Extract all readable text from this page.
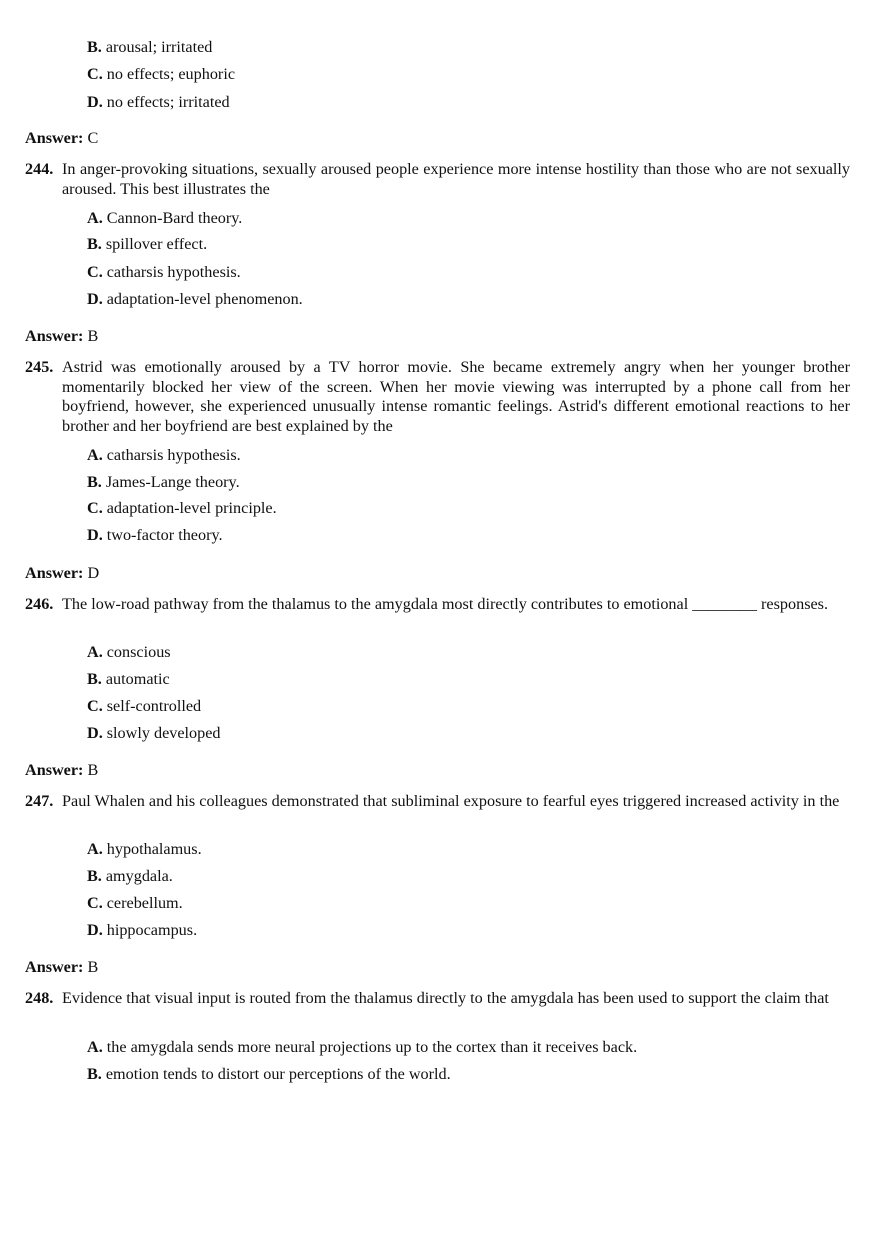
B. arousal; irritated
C. no effects; euphoric
D. no effects; irritated
Answer: C
244. In anger-provoking situations, sexually aroused people experience more intense hostility than those who are not sexually aroused. This best illustrates the
A. Cannon-Bard theory.
B. spillover effect.
C. catharsis hypothesis.
D. adaptation-level phenomenon.
Answer: B
245. Astrid was emotionally aroused by a TV horror movie. She became extremely angry when her younger brother momentarily blocked her view of the screen. When her movie viewing was interrupted by a phone call from her boyfriend, however, she experienced unusually intense romantic feelings. Astrid's different emotional reactions to her brother and her boyfriend are best explained by the
A. catharsis hypothesis.
B. James-Lange theory.
C. adaptation-level principle.
D. two-factor theory.
Answer: D
246. The low-road pathway from the thalamus to the amygdala most directly contributes to emotional ________ responses.
A. conscious
B. automatic
C. self-controlled
D. slowly developed
Answer: B
247. Paul Whalen and his colleagues demonstrated that subliminal exposure to fearful eyes triggered increased activity in the
A. hypothalamus.
B. amygdala.
C. cerebellum.
D. hippocampus.
Answer: B
248. Evidence that visual input is routed from the thalamus directly to the amygdala has been used to support the claim that
A. the amygdala sends more neural projections up to the cortex than it receives back.
B. emotion tends to distort our perceptions of the world.
